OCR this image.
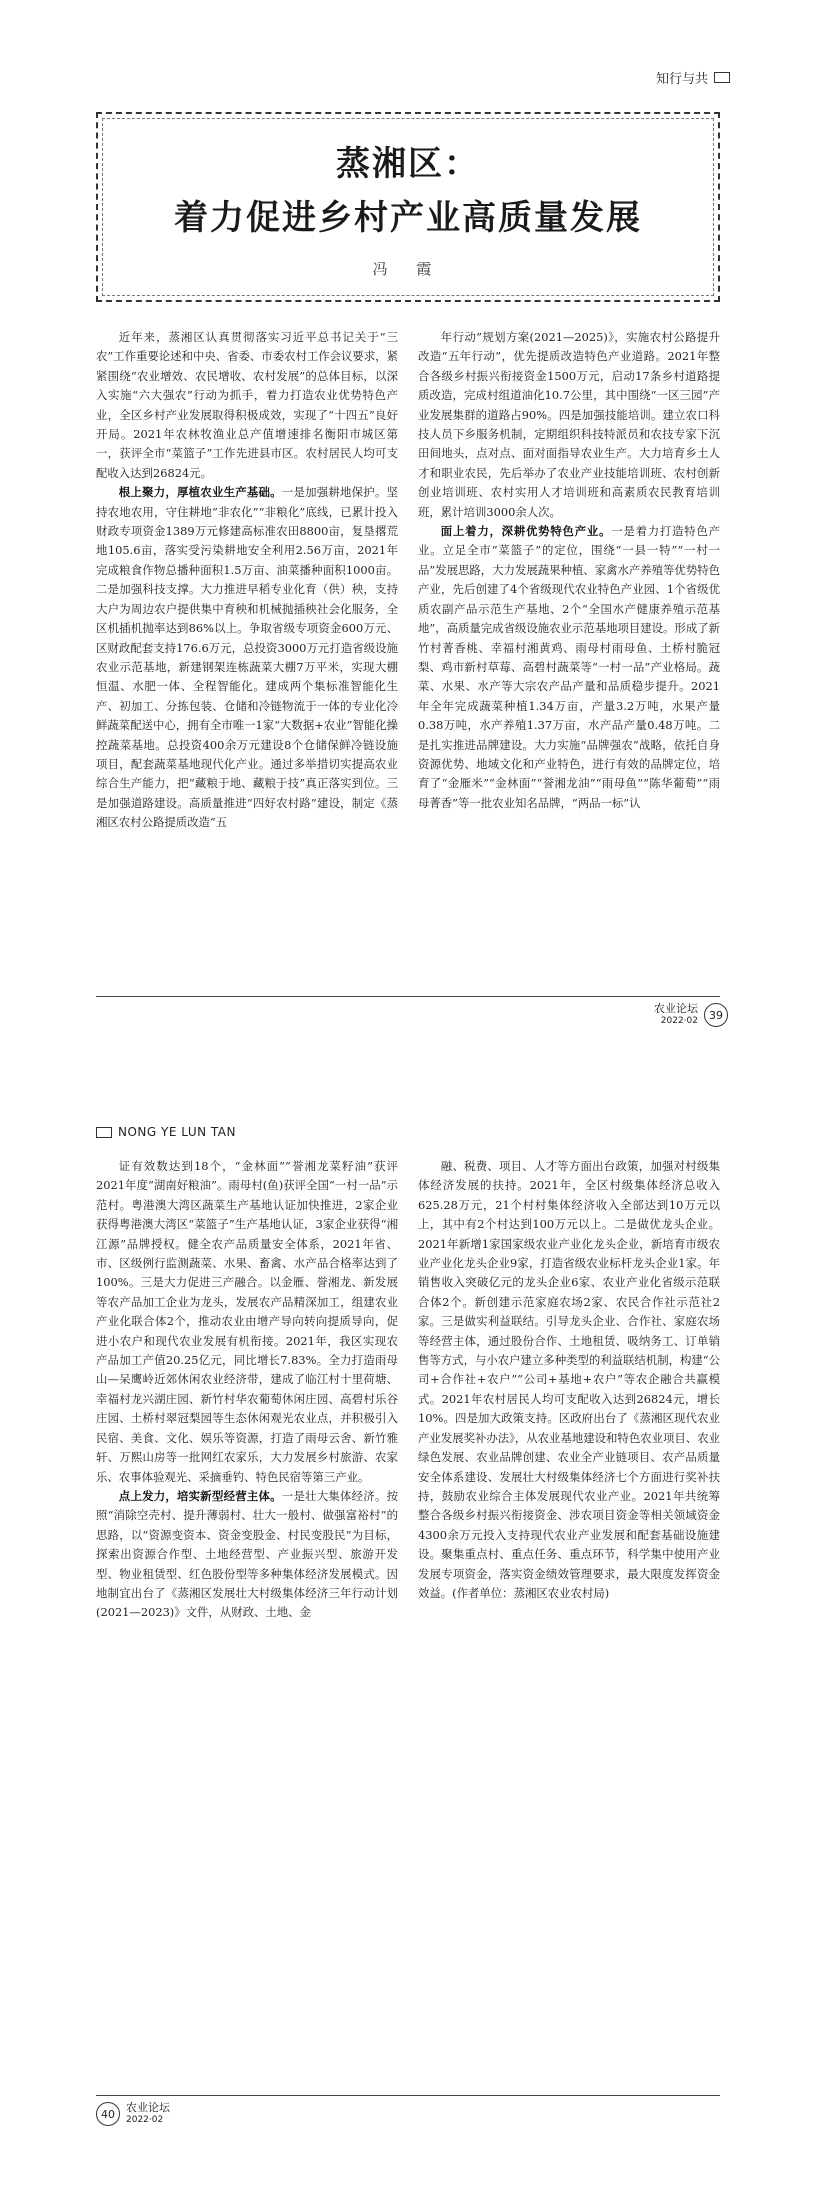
知行与共
蒸湘区：
着力促进乡村产业高质量发展
冯 霞

近年来，蒸湘区认真贯彻落实习近平总书记关于“三农”工作重要论述和中央、省委、市委农村工作会议要求，紧紧围绕“农业增效、农民增收、农村发展”的总体目标，以深入实施“六大强农”行动为抓手，着力打造农业优势特色产业，全区乡村产业发展取得积极成效，实现了“十四五”良好开局。2021年农林牧渔业总产值增速排名衡阳市城区第一，获评全市“菜篮子”工作先进县市区。农村居民人均可支配收入达到26824元。

根上聚力，厚植农业生产基础。一是加强耕地保护。坚持农地农用，守住耕地“非农化”“非粮化”底线，已累计投入财政专项资金1389万元修建高标准农田8800亩，复垦撂荒地105.6亩，落实受污染耕地安全利用2.56万亩，2021年完成粮食作物总播种面积1.5万亩、油菜播种面积1000亩。二是加强科技支撑。大力推进早稻专业化育（供）秧，支持大户为周边农户提供集中育秧和机械抛插秧社会化服务，全区机插机抛率达到86%以上。争取省级专项资金600万元、区财政配套支持176.6万元，总投资3000万元打造省级设施农业示范基地，新建钢架连栋蔬菜大棚7万平米，实现大棚恒温、水肥一体、全程智能化。建成两个集标准智能化生产、初加工、分拣包装、仓储和冷链物流于一体的专业化冷鲜蔬菜配送中心，拥有全市唯一1家“大数据+农业”智能化操控蔬菜基地。总投资400余万元建设8个仓储保鲜冷链设施项目，配套蔬菜基地现代化产业。通过多举措切实提高农业综合生产能力，把“藏粮于地、藏粮于技”真正落实到位。三是加强道路建设。高质量推进“四好农村路”建设，制定《蒸湘区农村公路提质改造“五

年行动”规划方案(2021—2025)》，实施农村公路提升改造“五年行动”，优先提质改造特色产业道路。2021年整合各级乡村振兴衔接资金1500万元，启动17条乡村道路提质改造，完成村组道油化10.7公里，其中围绕“一区三园”产业发展集群的道路占90%。四是加强技能培训。建立农口科技人员下乡服务机制，定期组织科技特派员和农技专家下沉田间地头，点对点、面对面指导农业生产。大力培育乡土人才和职业农民，先后举办了农业产业技能培训班、农村创新创业培训班、农村实用人才培训班和高素质农民教育培训班，累计培训3000余人次。

面上着力，深耕优势特色产业。一是着力打造特色产业。立足全市“菜篮子”的定位，围绕“一县一特”“一村一品”发展思路，大力发展蔬果种植、家禽水产养殖等优势特色产业，先后创建了4个省级现代农业特色产业园、1个省级优质农副产品示范生产基地、2个“全国水产健康养殖示范基地”，高质量完成省级设施农业示范基地项目建设。形成了新竹村菁香桃、幸福村湘黄鸡、雨母村雨母鱼、土桥村脆冠梨、鸡市新村草莓、高碧村蔬菜等“一村一品”产业格局。蔬菜、水果、水产等大宗农产品产量和品质稳步提升。2021年全年完成蔬菜种植1.34万亩，产量3.2万吨，水果产量0.38万吨，水产养殖1.37万亩，水产品产量0.48万吨。二是扎实推进品牌建设。大力实施“品牌强农”战略，依托自身资源优势、地域文化和产业特色，进行有效的品牌定位，培育了“金雁米”“金林面”“誉湘龙油”“雨母鱼”“陈华葡萄”“雨母菁香”等一批农业知名品牌，“两品一标”认

农业论坛
2022·02	39
NONG YE LUN TAN

证有效数达到18个，“金林面”“誉湘龙菜籽油”获评2021年度“湖南好粮油”。雨母村(鱼)获评全国“一村一品”示范村。粤港澳大湾区蔬菜生产基地认证加快推进，2家企业获得粤港澳大湾区“菜篮子”生产基地认证，3家企业获得“湘江源”品牌授权。健全农产品质量安全体系，2021年省、市、区级例行监测蔬菜、水果、畜禽、水产品合格率达到了100%。三是大力促进三产融合。以金雁、誉湘龙、新发展等农产品加工企业为龙头，发展农产品精深加工，组建农业产业化联合体2个，推动农业由增产导向转向提质导向，促进小农户和现代农业发展有机衔接。2021年，我区实现农产品加工产值20.25亿元，同比增长7.83%。全力打造雨母山—呆鹰岭近郊休闲农业经济带，建成了临江村十里荷塘、幸福村龙兴湖庄园、新竹村华农葡萄休闲庄园、高碧村乐谷庄园、土桥村翠冠梨园等生态休闲观光农业点，并积极引入民宿、美食、文化、娱乐等资源，打造了雨母云舍、新竹雅轩、万熙山房等一批网红农家乐，大力发展乡村旅游、农家乐、农事体验观光、采摘垂钓、特色民宿等第三产业。

点上发力，培实新型经营主体。一是壮大集体经济。按照“消除空壳村、提升薄弱村、壮大一般村、做强富裕村”的思路，以“资源变资本、资金变股金、村民变股民”为目标，探索出资源合作型、土地经营型、产业振兴型、旅游开发型、物业租赁型、红色股份型等多种集体经济发展模式。因地制宜出台了《蒸湘区发展壮大村级集体经济三年行动计划(2021—2023)》文件，从财政、土地、金

融、税费、项目、人才等方面出台政策，加强对村级集体经济发展的扶持。2021年，全区村级集体经济总收入625.28万元，21个村村集体经济收入全部达到10万元以上，其中有2个村达到100万元以上。二是做优龙头企业。2021年新增1家国家级农业产业化龙头企业，新培育市级农业产业化龙头企业9家，打造省级农业标杆龙头企业1家。年销售收入突破亿元的龙头企业6家、农业产业化省级示范联合体2个。新创建示范家庭农场2家、农民合作社示范社2家。三是做实利益联结。引导龙头企业、合作社、家庭农场等经营主体，通过股份合作、土地租赁、吸纳务工、订单销售等方式，与小农户建立多种类型的利益联结机制，构建“公司+合作社+农户”“公司+基地+农户”等农企融合共赢模式。2021年农村居民人均可支配收入达到26824元，增长10%。四是加大政策支持。区政府出台了《蒸湘区现代农业产业发展奖补办法》，从农业基地建设和特色农业项目、农业绿色发展、农业品牌创建、农业全产业链项目、农产品质量安全体系建设、发展壮大村级集体经济七个方面进行奖补扶持，鼓励农业综合主体发展现代农业产业。2021年共统筹整合各级乡村振兴衔接资金、涉农项目资金等相关领域资金4300余万元投入支持现代农业产业发展和配套基础设施建设。聚集重点村、重点任务、重点环节，科学集中使用产业发展专项资金，落实资金绩效管理要求，最大限度发挥资金效益。(作者单位：蒸湘区农业农村局)

40	农业论坛
2022·02
